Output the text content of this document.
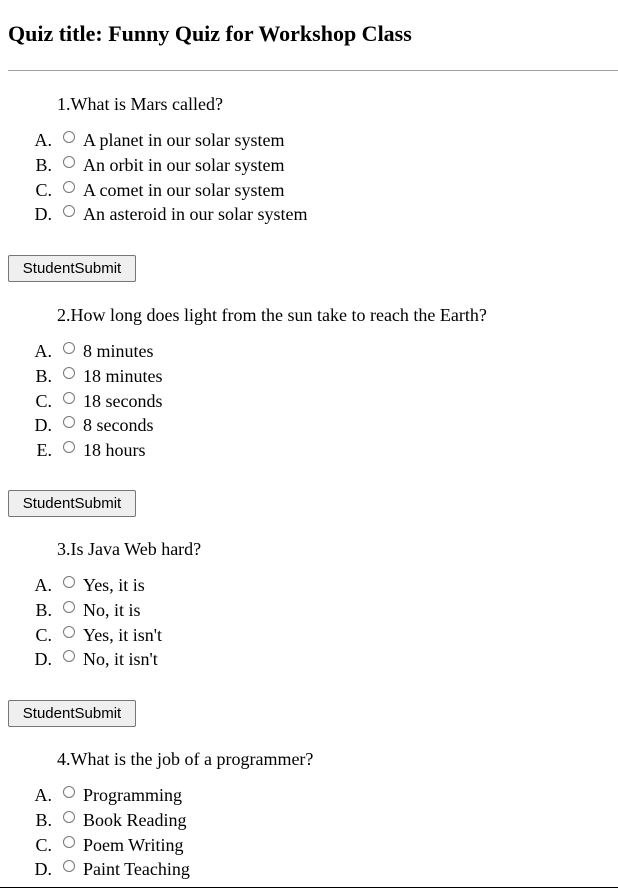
Quiz title: Funny Quiz for Workshop Class

1.What is Mars called?

A. A planet in our solar system
B. An orbit in our solar system
C. A comet in our solar system
D. An asteroid in our solar system
StudentSubmit

2.How long does light from the sun take to reach the Earth?

A. 8 minutes
B. 18 minutes
C. 18 seconds
D. 8 seconds
E. 18 hours
StudentSubmit

3.Is Java Web hard?

A. Yes, it is
B. No, it is
C. Yes, it isn't
D. No, it isn't
StudentSubmit

4.What is the job of a programmer?

A. Programming
B. Book Reading
C. Poem Writing
D. Paint Teaching
